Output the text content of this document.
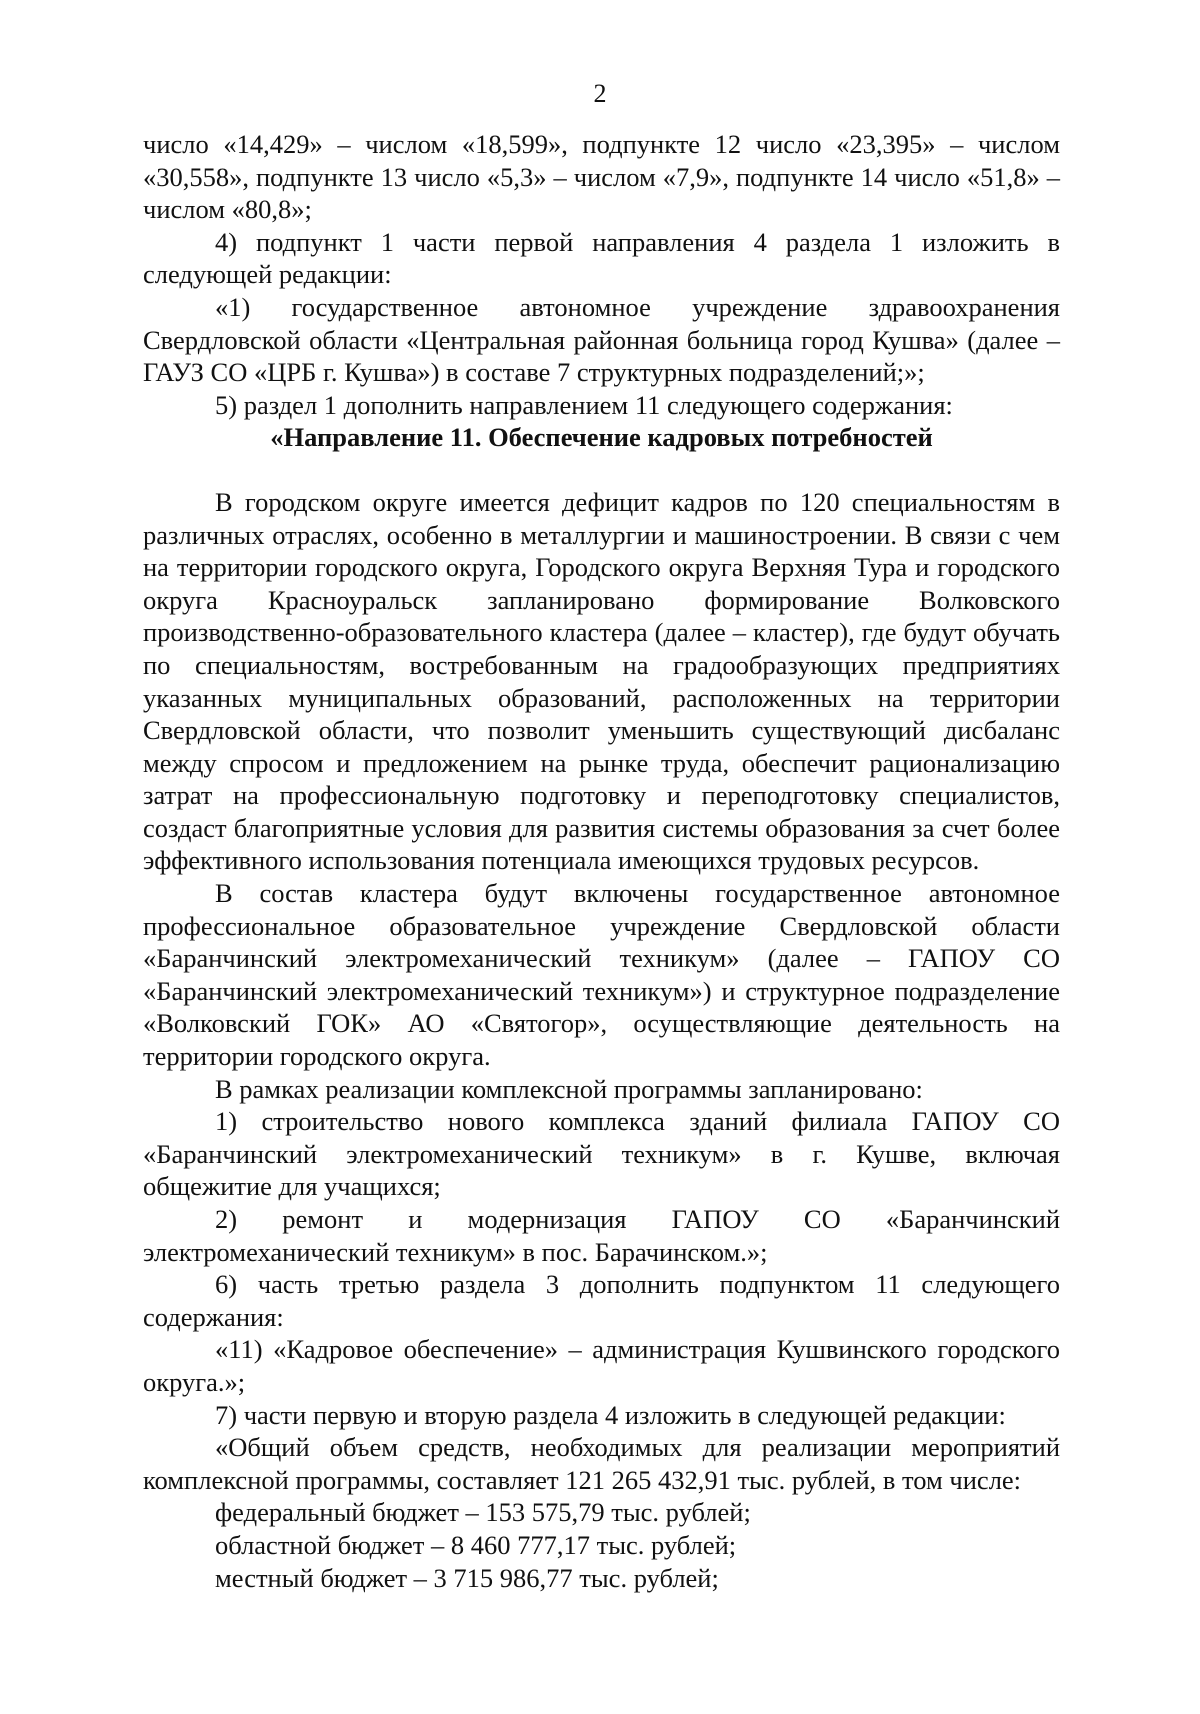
2

число «14,429» – числом «18,599», подпункте 12 число «23,395» – числом «30,558», подпункте 13 число «5,3» – числом «7,9», подпункте 14 число «51,8» – числом «80,8»;

4) подпункт 1 части первой направления 4 раздела 1 изложить в следующей редакции:

«1) государственное автономное учреждение здравоохранения Свердловской области «Центральная районная больница город Кушва» (далее – ГАУЗ СО «ЦРБ г. Кушва») в составе 7 структурных подразделений;»;

5) раздел 1 дополнить направлением 11 следующего содержания:

«Направление 11. Обеспечение кадровых потребностей

В городском округе имеется дефицит кадров по 120 специальностям в различных отраслях, особенно в металлургии и машиностроении. В связи с чем на территории городского округа, Городского округа Верхняя Тура и городского округа Красноуральск запланировано формирование Волковского производственно-образовательного кластера (далее – кластер), где будут обучать по специальностям, востребованным на градообразующих предприятиях указанных муниципальных образований, расположенных на территории Свердловской области, что позволит уменьшить существующий дисбаланс между спросом и предложением на рынке труда, обеспечит рационализацию затрат на профессиональную подготовку и переподготовку специалистов, создаст благоприятные условия для развития системы образования за счет более эффективного использования потенциала имеющихся трудовых ресурсов.

В состав кластера будут включены государственное автономное профессиональное образовательное учреждение Свердловской области «Баранчинский электромеханический техникум» (далее – ГАПОУ СО «Баранчинский электромеханический техникум») и структурное подразделение «Волковский ГОК» АО «Святогор», осуществляющие деятельность на территории городского округа.

В рамках реализации комплексной программы запланировано:

1) строительство нового комплекса зданий филиала ГАПОУ СО «Баранчинский электромеханический техникум» в г. Кушве, включая общежитие для учащихся;

2) ремонт и модернизация ГАПОУ СО «Баранчинский электромеханический техникум» в пос. Барачинском.»;

6) часть третью раздела 3 дополнить подпунктом 11 следующего содержания:

«11) «Кадровое обеспечение» – администрация Кушвинского городского округа.»;

7) части первую и вторую раздела 4 изложить в следующей редакции:

«Общий объем средств, необходимых для реализации мероприятий комплексной программы, составляет 121 265 432,91 тыс. рублей, в том числе:

федеральный бюджет – 153 575,79 тыс. рублей;

областной бюджет – 8 460 777,17 тыс. рублей;

местный бюджет – 3 715 986,77 тыс. рублей;
